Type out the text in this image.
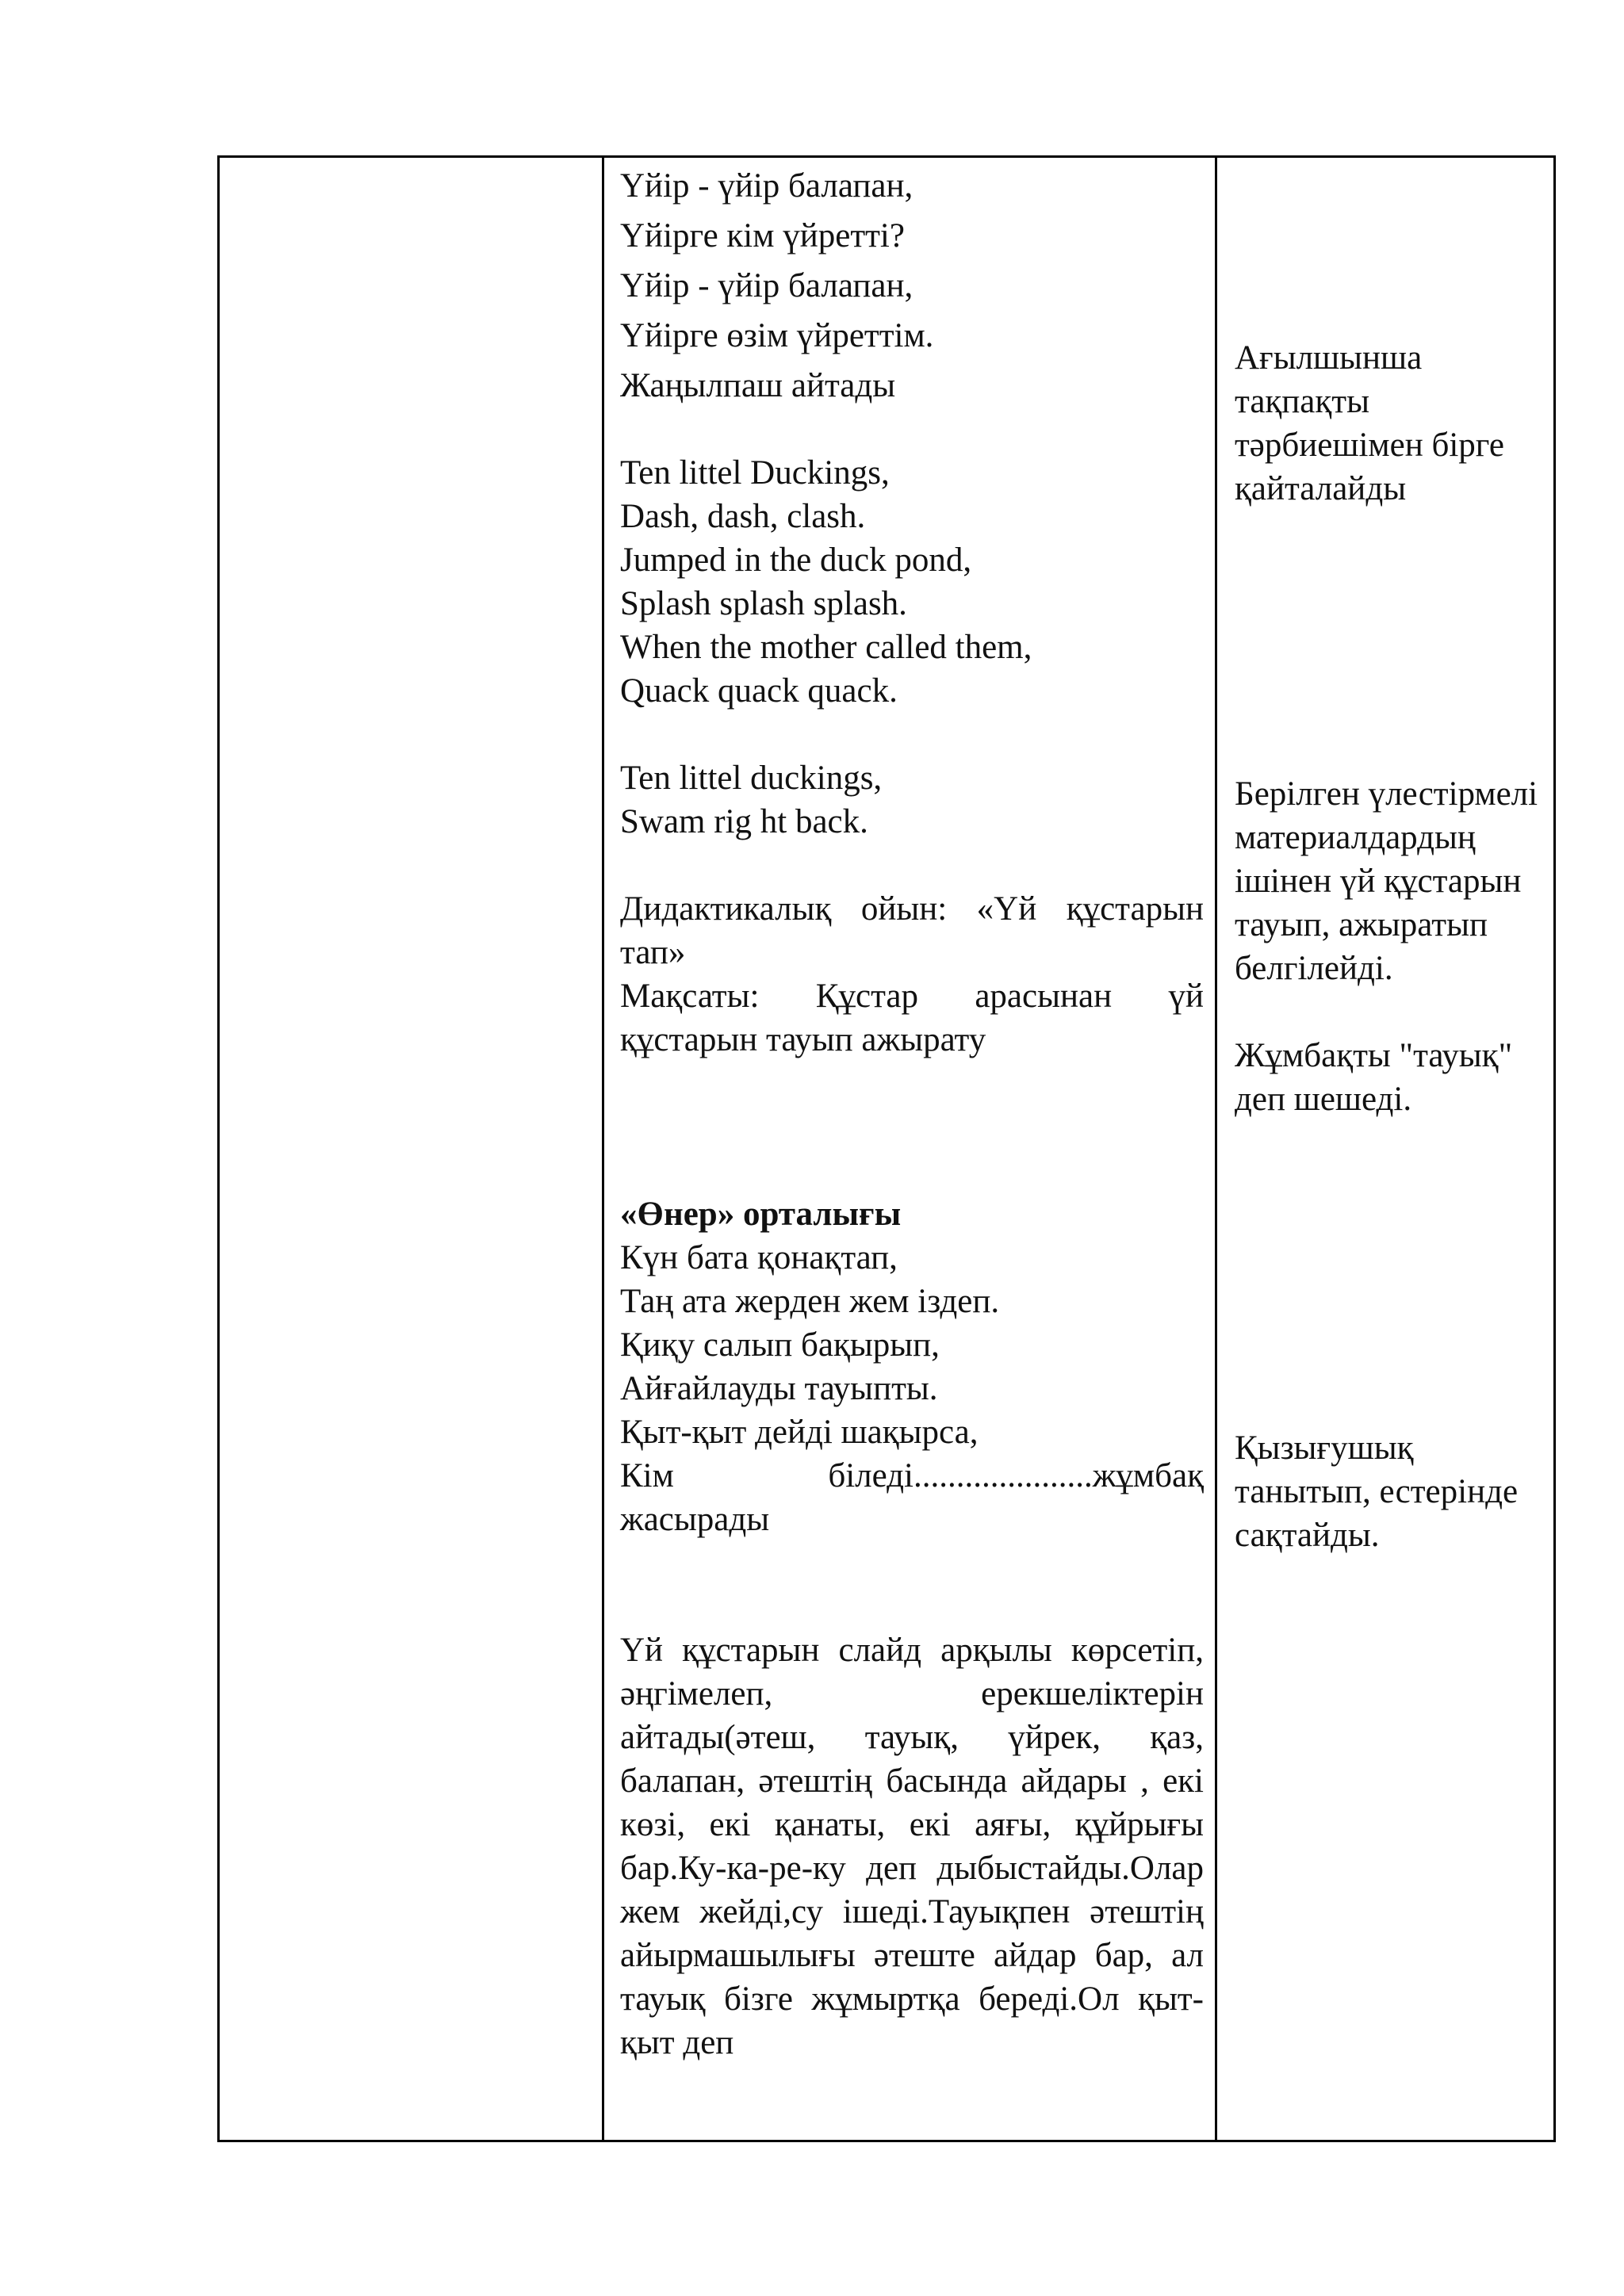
Үйір - үйір балапан,
Үйірге кім үйретті?
Үйір - үйір балапан,
Үйірге өзім үйреттім.
Жаңылпаш айтады
Ten littel Duckings,
Dash, dash, clash.
Jumped in the duck pond,
Splash splash splash.
When the mother called them,
Quack quack quack.
Ten littel duckings,
Swam rig ht back.
Дидактикалық ойын: «Үй құстарын тап»
Мақсаты: Құстар арасынан үй құстарын тауып ажырату
«Өнер» орталығы
Күн бата қонақтап,
Таң ата жерден жем іздеп.
Қиқу салып бақырып,
Айғайлауды тауыпты.
Қыт-қыт дейді шақырса,
Кім біледі.....................жұмбақ жасырады
Үй құстарын слайд арқылы көрсетіп, әңгімелеп, ерекшеліктерін айтады(әтеш, тауық, үйрек, қаз, балапан, әтештің басында айдары , екі көзі, екі қанаты, екі аяғы, құйрығы бар.Ку-ка-ре-ку деп дыбыстайды.Олар жем жейді,су ішеді.Тауықпен әтештің айырмашылығы әтеште айдар бар, ал тауық бізге жұмыртқа береді.Ол қыт-қыт деп
Ағылшынша тақпақты тәрбиешімен бірге қайталайды
Берілген үлестірмелі материалдардың ішінен үй құстарын тауып, ажыратып белгілейді.
Жұмбақты "тауық" деп шешеді.
Қызығушық танытып, естерінде сақтайды.
